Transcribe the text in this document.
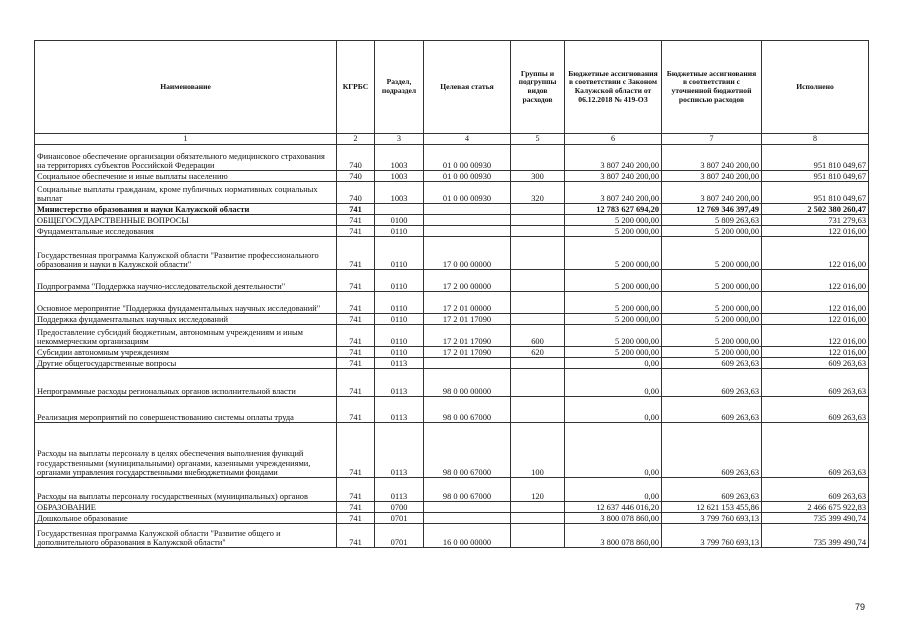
Наименование	КГРБС	Раздел, подраздел	Целевая статья	Группы и подгруппы видов расходов	Бюджетные ассигнования в соответствии с Законом Калужской области от 06.12.2018 № 419-ОЗ	Бюджетные ассигнования в соответствии с уточненной бюджетной росписью расходов	Исполнено
1	2	3	4	5	6	7	8
Финансовое обеспечение организации обязательного медицинского страхования на территориях субъектов Российской Федерации	740	1003	01 0 00 00930		3 807 240 200,00	3 807 240 200,00	951 810 049,67
Социальное обеспечение и иные выплаты населению	740	1003	01 0 00 00930	300	3 807 240 200,00	3 807 240 200,00	951 810 049,67
Социальные выплаты гражданам, кроме публичных нормативных социальных выплат	740	1003	01 0 00 00930	320	3 807 240 200,00	3 807 240 200,00	951 810 049,67
Министерство образования и науки Калужской области	741				12 783 627 694,20	12 769 346 397,49	2 502 380 260,47
ОБЩЕГОСУДАРСТВЕННЫЕ ВОПРОСЫ	741	0100			5 200 000,00	5 809 263,63	731 279,63
Фундаментальные исследования	741	0110			5 200 000,00	5 200 000,00	122 016,00
Государственная программа Калужской области "Развитие профессионального образования и науки в Калужской области"	741	0110	17 0 00 00000		5 200 000,00	5 200 000,00	122 016,00
Подпрограмма "Поддержка научно-исследовательской деятельности"	741	0110	17 2 00 00000		5 200 000,00	5 200 000,00	122 016,00
Основное мероприятие "Поддержка фундаментальных научных исследований"	741	0110	17 2 01 00000		5 200 000,00	5 200 000,00	122 016,00
Поддержка фундаментальных научных исследований	741	0110	17 2 01 17090		5 200 000,00	5 200 000,00	122 016,00
Предоставление субсидий бюджетным, автономным учреждениям и иным некоммерческим организациям	741	0110	17 2 01 17090	600	5 200 000,00	5 200 000,00	122 016,00
Субсидии автономным учреждениям	741	0110	17 2 01 17090	620	5 200 000,00	5 200 000,00	122 016,00
Другие общегосударственные вопросы	741	0113			0,00	609 263,63	609 263,63
Непрограммные расходы региональных органов исполнительной власти	741	0113	98 0 00 00000		0,00	609 263,63	609 263,63
Реализация мероприятий по совершенствованию системы оплаты труда	741	0113	98 0 00 67000		0,00	609 263,63	609 263,63
Расходы на выплаты персоналу в целях обеспечения выполнения функций государственными (муниципальными) органами, казенными учреждениями, органами управления государственными внебюджетными фондами	741	0113	98 0 00 67000	100	0,00	609 263,63	609 263,63
Расходы на выплаты персоналу государственных (муниципальных) органов	741	0113	98 0 00 67000	120	0,00	609 263,63	609 263,63
ОБРАЗОВАНИЕ	741	0700			12 637 446 016,20	12 621 153 455,86	2 466 675 922,83
Дошкольное образование	741	0701			3 800 078 860,00	3 799 760 693,13	735 399 490,74
Государственная программа Калужской области "Развитие общего и дополнительного образования в Калужской области"	741	0701	16 0 00 00000		3 800 078 860,00	3 799 760 693,13	735 399 490,74
79
